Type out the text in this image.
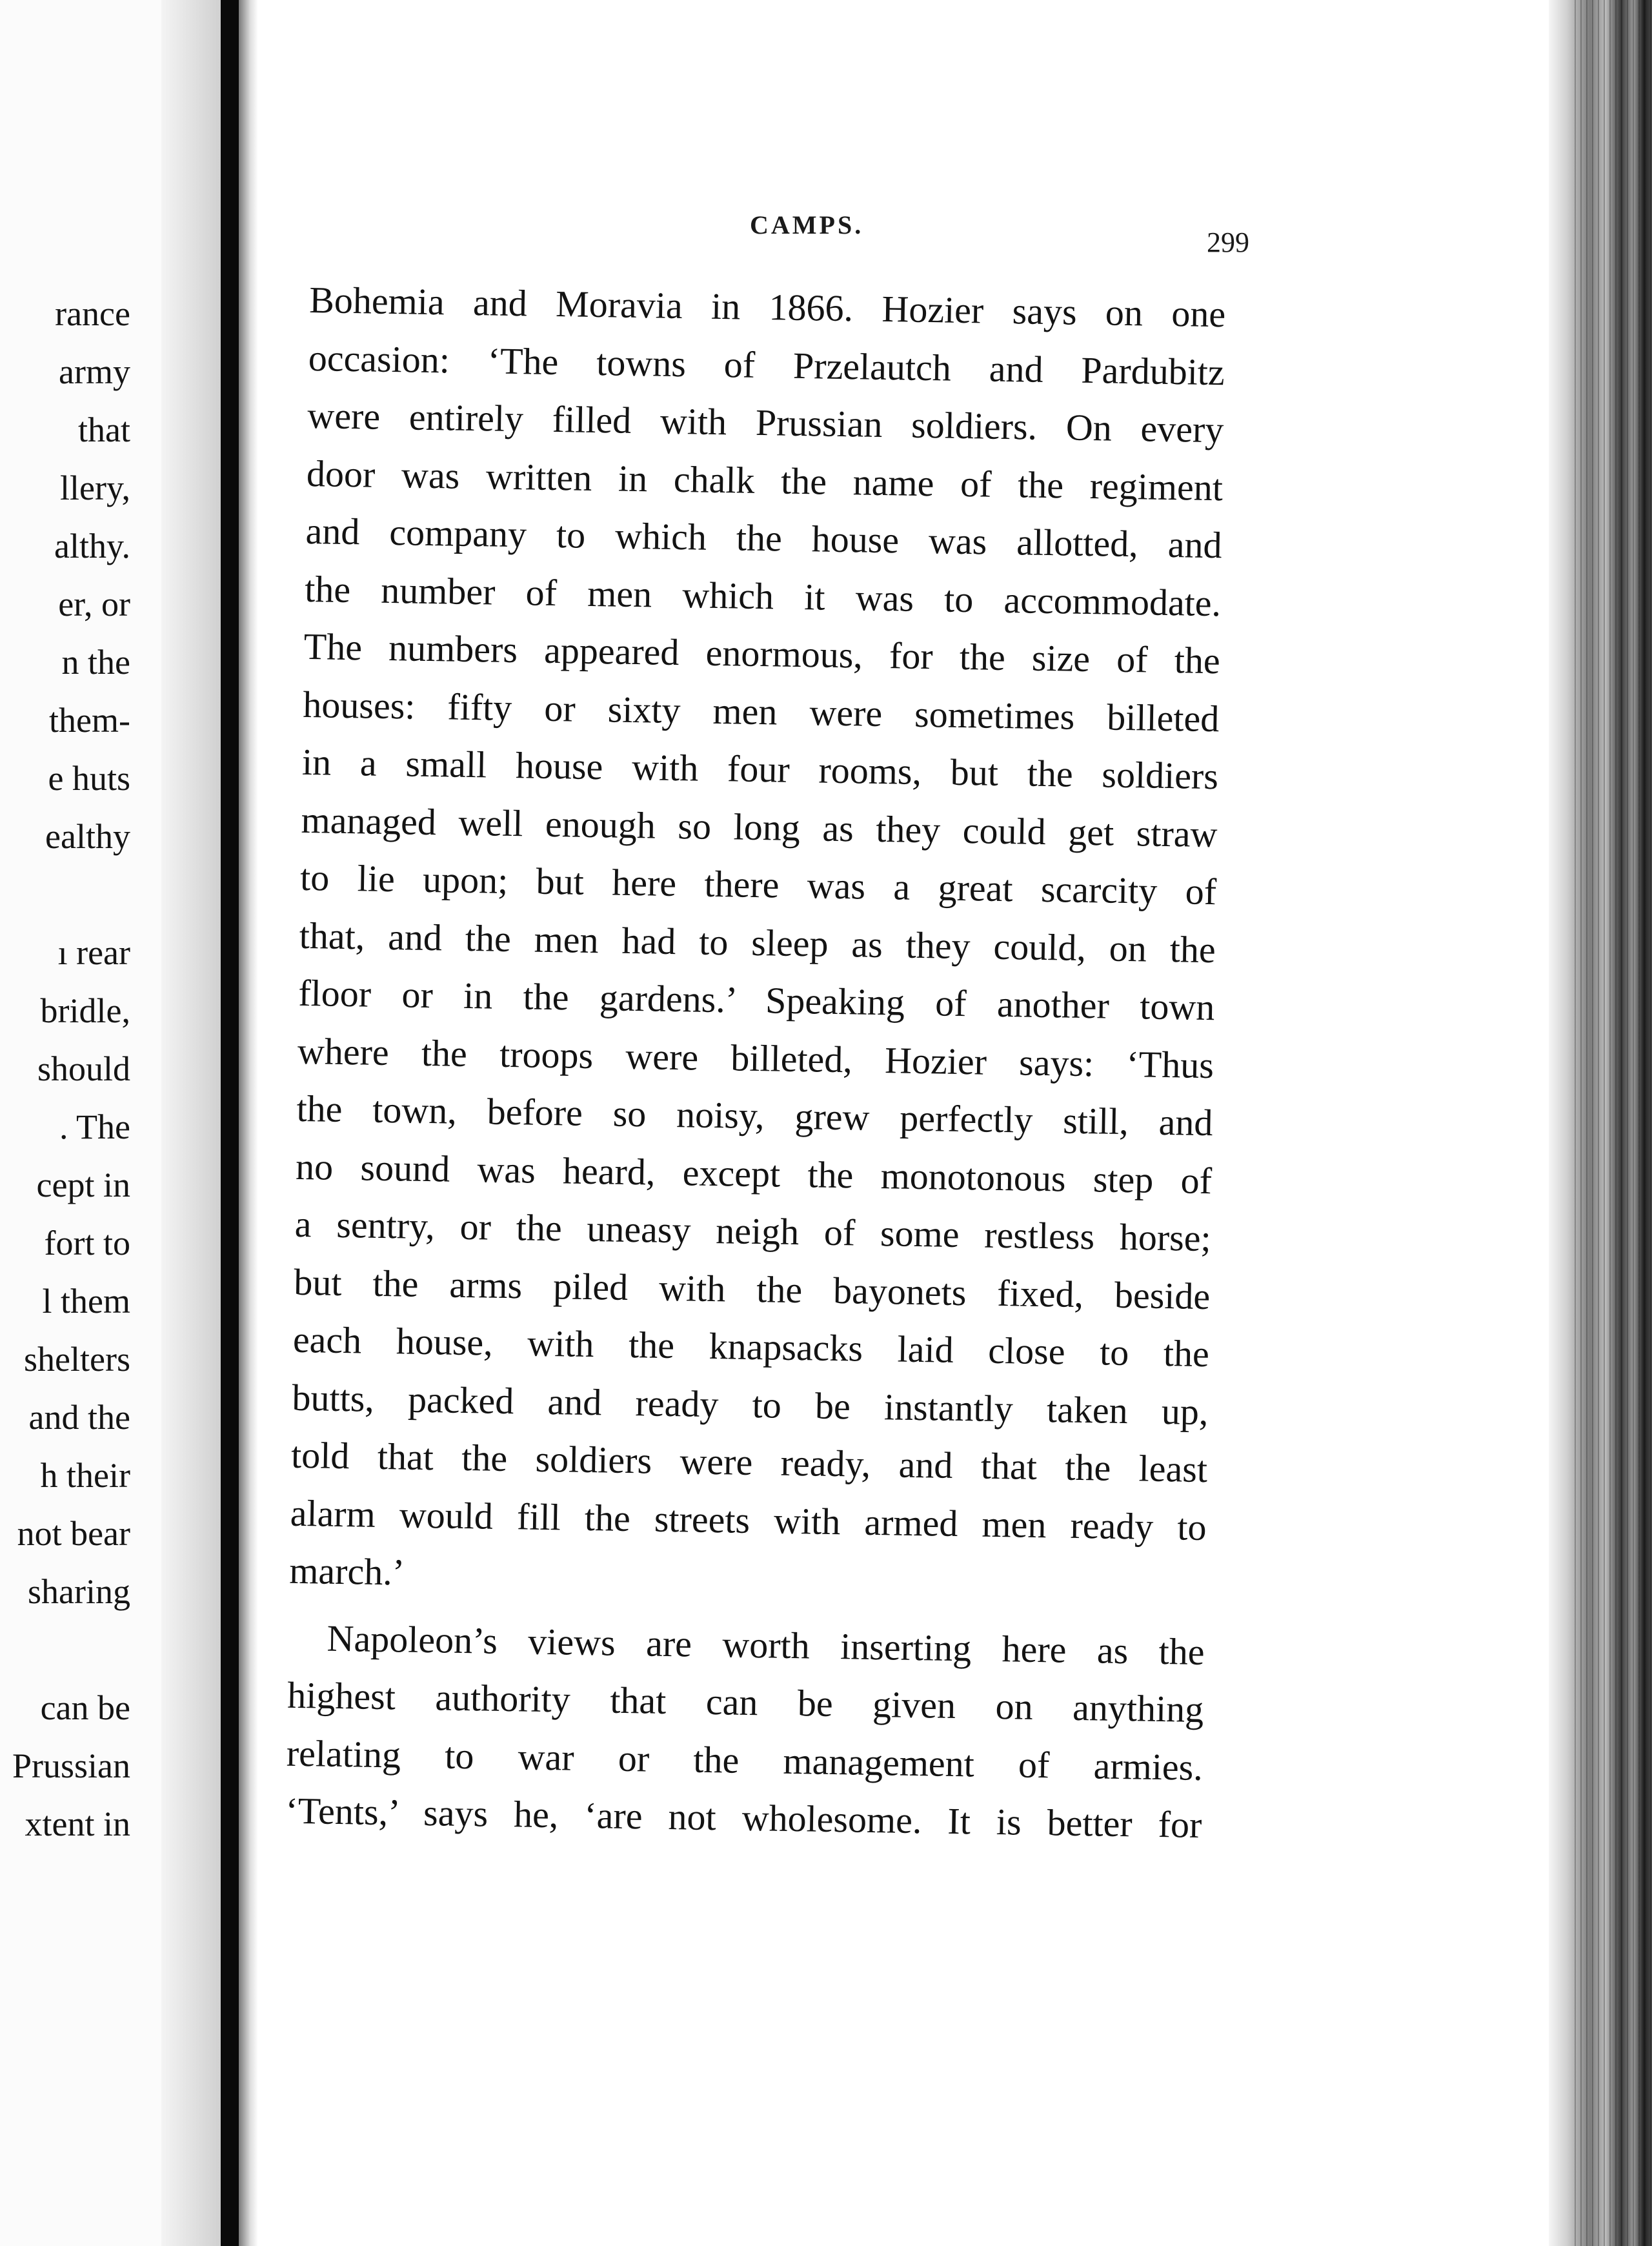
rance
army
that
llery,
althy.
er, or
n the
them-
e huts
ealthy
ı rear
bridle,
should
. The
cept in
fort to
l them
shelters
and the
h their
not bear
sharing
can be
Prussian
xtent in
CAMPS.
299
Bohemia and Moravia in 1866. Hozier says on one
occasion: ‘The towns of Przelautch and Pardubitz
were entirely filled with Prussian soldiers. On every
door was written in chalk the name of the regiment
and company to which the house was allotted, and
the number of men which it was to accommodate.
The numbers appeared enormous, for the size of the
houses: fifty or sixty men were sometimes billeted
in a small house with four rooms, but the soldiers
managed well enough so long as they could get straw
to lie upon; but here there was a great scarcity of
that, and the men had to sleep as they could, on the
floor or in the gardens.’ Speaking of another town
where the troops were billeted, Hozier says: ‘Thus
the town, before so noisy, grew perfectly still, and
no sound was heard, except the monotonous step of
a sentry, or the uneasy neigh of some restless horse;
but the arms piled with the bayonets fixed, beside
each house, with the knapsacks laid close to the
butts, packed and ready to be instantly taken up,
told that the soldiers were ready, and that the least
alarm would fill the streets with armed men ready to
march.’
Napoleon’s views are worth inserting here as the
highest authority that can be given on anything
relating to war or the management of armies.
‘Tents,’ says he, ‘are not wholesome. It is better for
